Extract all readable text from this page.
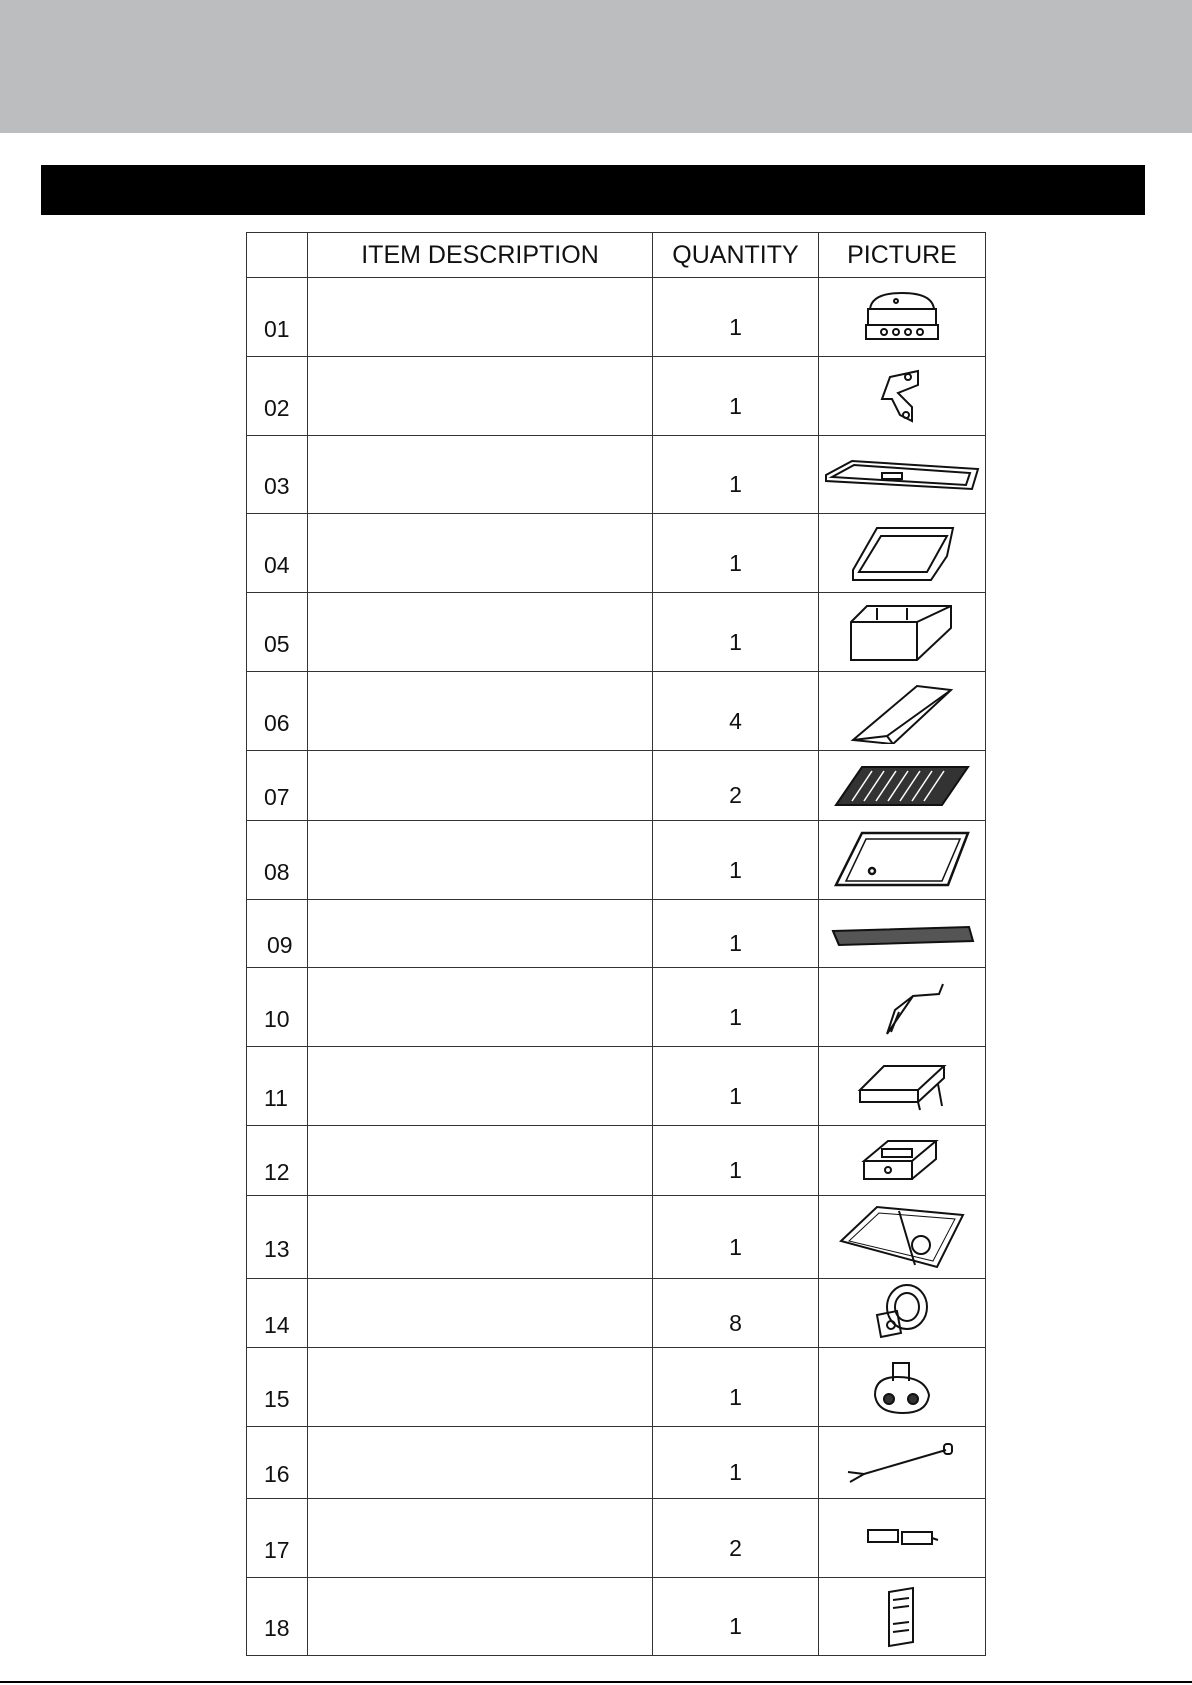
	ITEM DESCRIPTION	QUANTITY	PICTURE
01		1	

02		1	

03		1	

04		1	

05		1	

06		4	

07		2	

08		1	

09		1	

10		1	

11		1	

12		1	

13		1	

14		8	

15		1	

16		1	

17		2	

18		1	
